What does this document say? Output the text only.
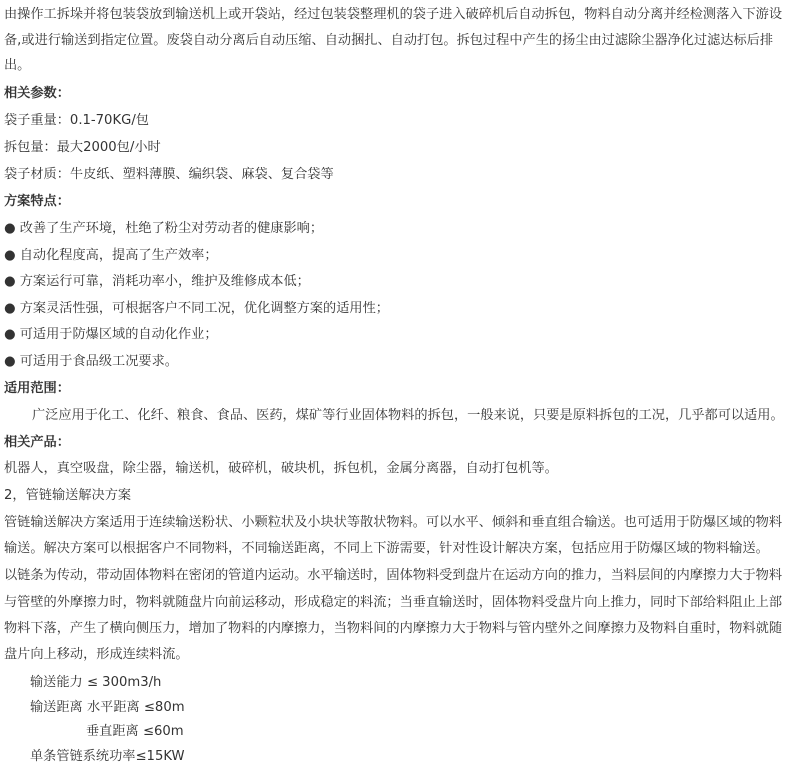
由操作工拆垛并将包装袋放到输送机上或开袋站，经过包装袋整理机的袋子进入破碎机后自动拆包，物料自动分离并经检测落入下游设
备,或进行输送到指定位置。废袋自动分离后自动压缩、自动捆扎、自动打包。拆包过程中产生的扬尘由过滤除尘器净化过滤达标后排
出。
相关参数：
袋子重量：0.1-70KG/包
拆包量：最大2000包/小时
袋子材质：牛皮纸、塑料薄膜、编织袋、麻袋、复合袋等
方案特点：
● 改善了生产环境，杜绝了粉尘对劳动者的健康影响；
● 自动化程度高，提高了生产效率；
● 方案运行可靠，消耗功率小，维护及维修成本低；
● 方案灵活性强，可根据客户不同工况，优化调整方案的适用性；
● 可适用于防爆区域的自动化作业；
● 可适用于食品级工况要求。
适用范围：
广泛应用于化工、化纤、粮食、食品、医药，煤矿等行业固体物料的拆包，一般来说，只要是原料拆包的工况，几乎都可以适用。
相关产品：
机器人，真空吸盘，除尘器，输送机，破碎机，破块机，拆包机，金属分离器，自动打包机等。
2，管链输送解决方案
管链输送解决方案适用于连续输送粉状、小颗粒状及小块状等散状物料。可以水平、倾斜和垂直组合输送。也可适用于防爆区域的物料
输送。解决方案可以根据客户不同物料，不同输送距离，不同上下游需要，针对性设计解决方案，包括应用于防爆区域的物料输送。
以链条为传动，带动固体物料在密闭的管道内运动。水平输送时，固体物料受到盘片在运动方向的推力，当料层间的内摩擦力大于物料
与管壁的外摩擦力时，物料就随盘片向前运移动，形成稳定的料流；当垂直输送时，固体物料受盘片向上推力，同时下部给料阻止上部
物料下落，产生了横向侧压力，增加了物料的内摩擦力，当物料间的内摩擦力大于物料与管内壁外之间摩擦力及物料自重时，物料就随
盘片向上移动，形成连续料流。
输送能力 ≤ 300m3/h
输送距离 水平距离 ≤80m
垂直距离 ≤60m
单条管链系统功率≤15KW
